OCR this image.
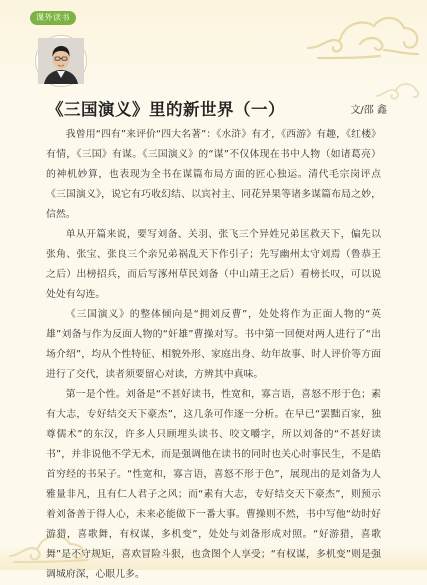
课外读书
《三国演义》里的新世界（一）	文/邵 鑫

我曾用“四有”来评价“四大名著”：《水浒》有才，《西游》有趣，《红楼》有情，《三国》有谋。《三国演义》的“谋”不仅体现在书中人物（如诸葛亮）的神机妙算，也表现为全书在谋篇布局方面的匠心独运。清代毛宗岗评点《三国演义》，说它有巧收幻结、以宾衬主、同花异果等诸多谋篇布局之妙，信然。

单从开篇来说，要写刘备、关羽、张飞三个异姓兄弟匡救天下，偏先以张角、张宝、张良三个亲兄弟祸乱天下作引子；先写幽州太守刘焉（鲁恭王之后）出榜招兵，而后写涿州草民刘备（中山靖王之后）看榜长叹，可以说处处有勾连。

《三国演义》的整体倾向是“拥刘反曹”，处处将作为正面人物的“英雄”刘备与作为反面人物的“奸雄”曹操对写。书中第一回便对两人进行了“出场介绍”，均从个性特征、相貌外形、家庭出身、幼年故事、时人评价等方面进行了交代，读者须要留心对读，方辨其中真味。

第一是个性。刘备是“不甚好读书，性宽和，寡言语，喜怒不形于色；素有大志，专好结交天下豪杰”，这几条可作逐一分析。在早已“罢黜百家，独尊儒术”的东汉，许多人只顾埋头读书、咬文嚼字，所以刘备的“不甚好读书”，并非说他不学无术，而是强调他在读书的同时也关心时事民生，不是皓首穷经的书呆子。“性宽和，寡言语，喜怒不形于色”，展现出的是刘备为人雅量非凡，且有仁人君子之风；而“素有大志，专好结交天下豪杰”，则预示着刘备善于得人心，未来必能做下一番大事。曹操则不然，书中写他“幼时好游猎，喜歌舞，有权谋，多机变”，处处与刘备形成对照。“好游猎，喜歌舞”是不守规矩，喜欢冒险斗狠，也贪图个人享受；“有权谋，多机变”则是强调城府深，心眼儿多。
